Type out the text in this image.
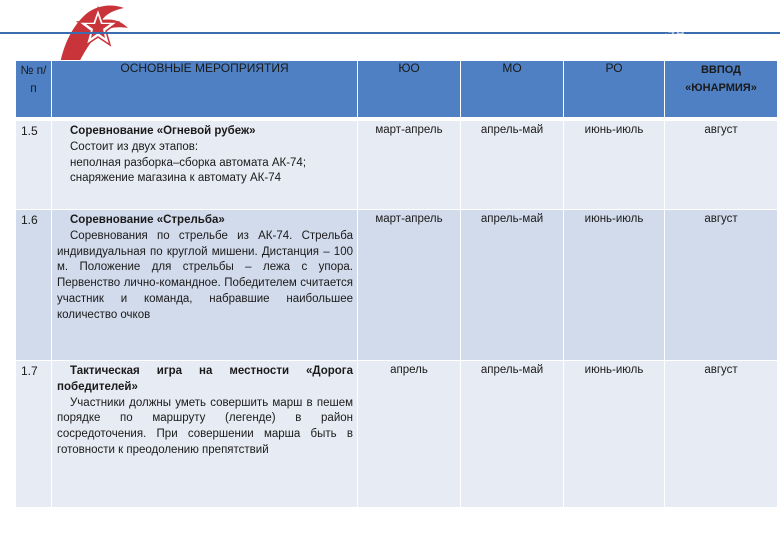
Юнармейское
ЭА
№ п/п	ОСНОВНЫЕ МЕРОПРИЯТИЯ	ЮО	МО	РО	ВВПОД «ЮНАРМИЯ»
1.5	Соревнование «Огневой рубеж»
Состоит из двух этапов:
неполная разборка–сборка автомата АК-74;
снаряжение магазина к автомату АК-74	март-апрель	апрель-май	июнь-июль	август
1.6	Соревнование «Стрельба»
Соревнования по стрельбе из АК-74. Стрельба индивидуальная по круглой мишени. Дистанция – 100 м. Положение для стрельбы – лежа с упора. Первенство лично-командное. Победителем считается участник и команда, набравшие наибольшее количество очков	март-апрель	апрель-май	июнь-июль	август
1.7	Тактическая игра на местности «Дорога победителей»
Участники должны уметь совершить марш в пешем порядке по маршруту (легенде) в район сосредоточения. При совершении марша быть в готовности к преодолению препятствий	апрель	апрель-май	июнь-июль	август
